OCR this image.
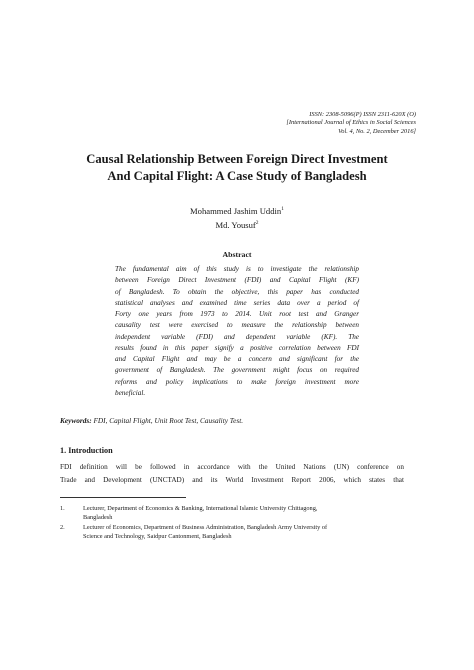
ISSN: 2308-5096(P) ISSN 2311-620X (O)
[International Journal of Ethics in Social Sciences
Vol. 4, No. 2, December 2016]
Causal Relationship Between Foreign Direct Investment
And Capital Flight: A Case Study of Bangladesh
Mohammed Jashim Uddin$^1$
Md. Yousuf$^2$
Abstract
The fundamental aim of this study is to investigate the relationship
between Foreign Direct Investment (FDI) and Capital Flight (KF)
of Bangladesh. To obtain the objective, this paper has conducted
statistical analyses and examined time series data over a period of
Forty one years from 1973 to 2014. Unit root test and Granger
causality test were exercised to measure the relationship between
independent variable (FDI) and dependent variable (KF). The
results found in this paper signify a positive correlation between FDI
and Capital Flight and may be a concern and significant for the
government of Bangladesh. The government might focus on required
reforms and policy implications to make foreign investment more
beneficial.
Keywords: FDI, Capital Flight, Unit Root Test, Causality Test.
1. Introduction
FDI definition will be followed in accordance with the United Nations (UN) conference on
Trade and Development (UNCTAD) and its World Investment Report 2006, which states that
1.	Lecturer, Department of Economics & Banking, International Islamic University Chittagong,
Bangladesh
2.	Lecturer of Economics, Department of Business Administration, Bangladesh Army University of
Science and Technology, Saidpur Cantonment, Bangladesh
